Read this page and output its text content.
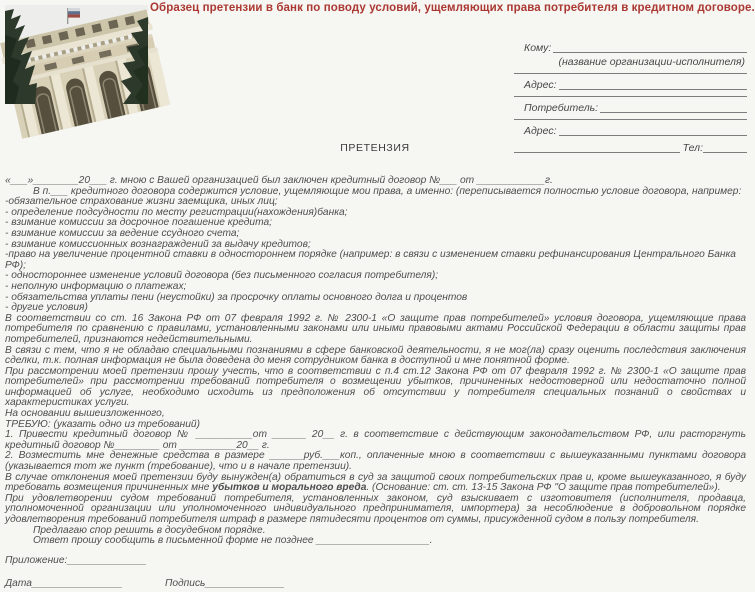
Образец претензии в банк по поводу условий, ущемляющих права потребителя в кредитном договоре.
Кому:
(название организации-исполнителя)
Адрес:
Потребитель:
Адрес:
Тел:
ПРЕТЕНЗИЯ

«___»________20___ г. мною с Вашей организацией был заключен кредитный договор №___ от ____________г.

В п.___ кредитного договора содержится условие, ущемляющие мои права, а именно: (переписывается полностью условие договора, например:

-обязательное страхование жизни заемщика, иных лиц;
- определение подсудности по месту регистрации(нахождения)банка;
- взимание комиссии за досрочное погашение кредита;
- взимание комиссии за ведение ссудного счета;
- взимание комиссионных вознаграждений за выдачу кредитов;
-право на увеличение процентной ставки в одностороннем порядке (например: в связи с изменением ставки рефинансирования Центрального Банка РФ);
- одностороннее изменение условий договора (без письменного согласия потребителя);
- неполную информацию о платежах;
- обязательства уплаты пени (неустойки) за просрочку оплаты основного долга и процентов
- другие условия)

В соответствии со ст. 16 Закона РФ от 07 февраля 1992 г. № 2300-1 «О защите прав потребителей» условия договора, ущемляющие права потребителя по сравнению с правилами, установленными законами или иными правовыми актами Российской Федерации в области защиты прав потребителей, признаются недействительными.

В связи с тем, что я не обладаю специальными познаниями в сфере банковской деятельности, я не мог(ла) сразу оценить последствия заключения сделки, т.к. полная информация не была доведена до меня сотрудником банка в доступной и мне понятной форме.

При рассмотрении моей претензии прошу учесть, что в соответствии с п.4 ст.12 Закона РФ от 07 февраля 1992 г. № 2300-1 «О защите прав потребителей» при рассмотрении требований потребителя о возмещении убытков, причиненных недостоверной или недостаточно полной информацией об услуге, необходимо исходить из предположения об отсутствии у потребителя специальных познаний о свойствах и характеристиках услуги.

На основании вышеизложенного,

ТРЕБУЮ: (указать одно из требований)

1. Привести кредитный договор № __________от ______ 20__ г. в соответствие с действующим законодательством РФ, или расторгнуть кредитный договор №________ от __________20__ г.

2. Возместить мне денежные средства в размере ______руб.___коп., оплаченные мною в соответствии с вышеуказанными пунктами договора (указывается тот же пункт (требование), что и в начале претензии).

В случае отклонения моей претензии буду вынужден(а) обратиться в суд за защитой своих потребительских прав и, кроме вышеуказанного, я буду требовать возмещения причиненных мне убытков и морального вреда. (Основание: ст. ст. 13-15 Закона РФ "О защите прав потребителей»).

При удовлетворении судом требований потребителя, установленных законом, суд взыскивает с изготовителя (исполнителя, продавца, уполномоченной организации или уполномоченного индивидуального предпринимателя, импортера) за несоблюдение в добровольном порядке удовлетворения требований потребителя штраф в размере пятидесяти процентов от суммы, присужденной судом в пользу потребителя.

Предлагаю спор решить в досудебном порядке.

Ответ прошу сообщить в письменной форме не позднее ____________________.

Приложение:______________
Дата________________	Подпись______________
